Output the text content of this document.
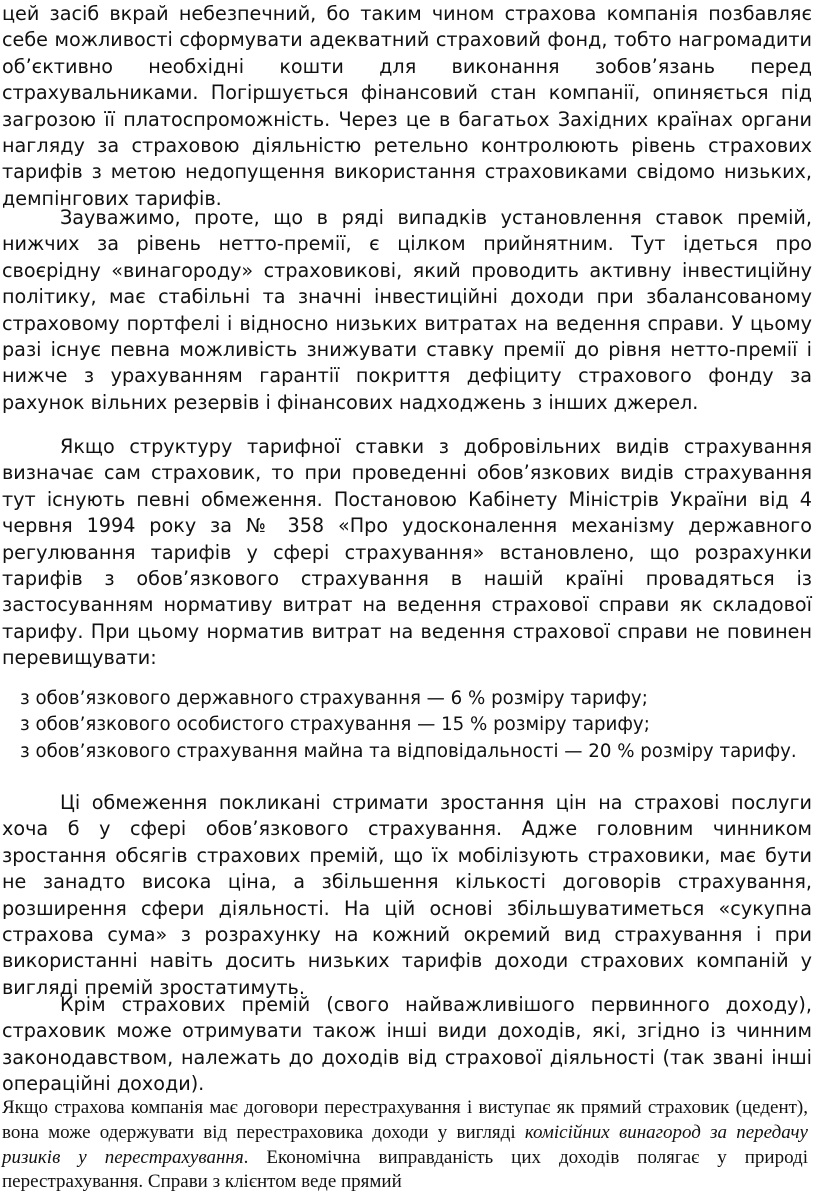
цей засіб вкрай небезпечний, бо таким чином страхова компанія позбавляє себе можливості сформувати адекватний страховий фонд, тобто нагромадити об’єктивно необхідні кошти для виконання зобов’язань перед страхувальниками. Погіршується фінансовий стан компанії, опиняється під загрозою її платоспроможність. Через це в багатьох Західних країнах органи нагляду за страховою діяльністю ретельно контролюють рівень страхових тарифів з метою недопущення використання страховиками свідомо низьких, демпінгових тарифів.

Зауважимо, проте, що в ряді випадків установлення ставок премій, нижчих за рівень нетто-премії, є цілком прийнятним. Тут ідеться про своєрідну «винагороду» страховикові, який проводить активну інвестиційну політику, має стабільні та значні інвестиційні доходи при збалансованому страховому портфелі і відносно низьких витратах на ведення справи. У цьому разі існує певна можливість знижувати ставку премії до рівня нетто-премії і нижче з урахуванням гарантії покриття дефіциту страхового фонду за рахунок вільних резервів і фінансових надходжень з інших джерел.

Якщо структуру тарифної ставки з добровільних видів страхування визначає сам страховик, то при проведенні обов’язкових видів страхування тут існують певні обмеження. Постановою Кабінету Міністрів України від 4 червня 1994 року за № 358 «Про удосконалення механізму державного регулювання тарифів у сфері страхування» встановлено, що розрахунки тарифів з обов’язкового страхування в нашій країні провадяться із застосуванням нормативу витрат на ведення страхової справи як складової тарифу. При цьому норматив витрат на ведення страхової справи не повинен перевищувати:

з обов’язкового державного страхування — 6 % розміру тарифу;
з обов’язкового особистого страхування — 15 % розміру тарифу;
з обов’язкового страхування майна та відповідальності — 20 % розміру тарифу.

Ці обмеження покликані стримати зростання цін на страхові послуги хоча б у сфері обов’язкового страхування. Адже головним чинником зростання обсягів страхових премій, що їх мобілізують страховики, має бути не занадто висока ціна, а збільшення кількості договорів страхування, розширення сфери діяльності. На цій основі збільшуватиметься «сукупна страхова сума» з розрахунку на кожний окремий вид страхування і при використанні навіть досить низьких тарифів доходи страхових компаній у вигляді премій зростатимуть.

Крім страхових премій (свого найважливішого первинного доходу), страховик може отримувати також інші види доходів, які, згідно із чинним законодавством, належать до доходів від страхової діяльності (так звані інші операційні доходи).

Якщо страхова компанія має договори перестрахування і виступає як прямий страховик (цедент), вона може одержувати від перестраховика доходи у вигляді комісійних винагород за передачу ризиків у перестрахування. Економічна виправданість цих доходів полягає у природі перестрахування. Справи з клієнтом веде прямий
